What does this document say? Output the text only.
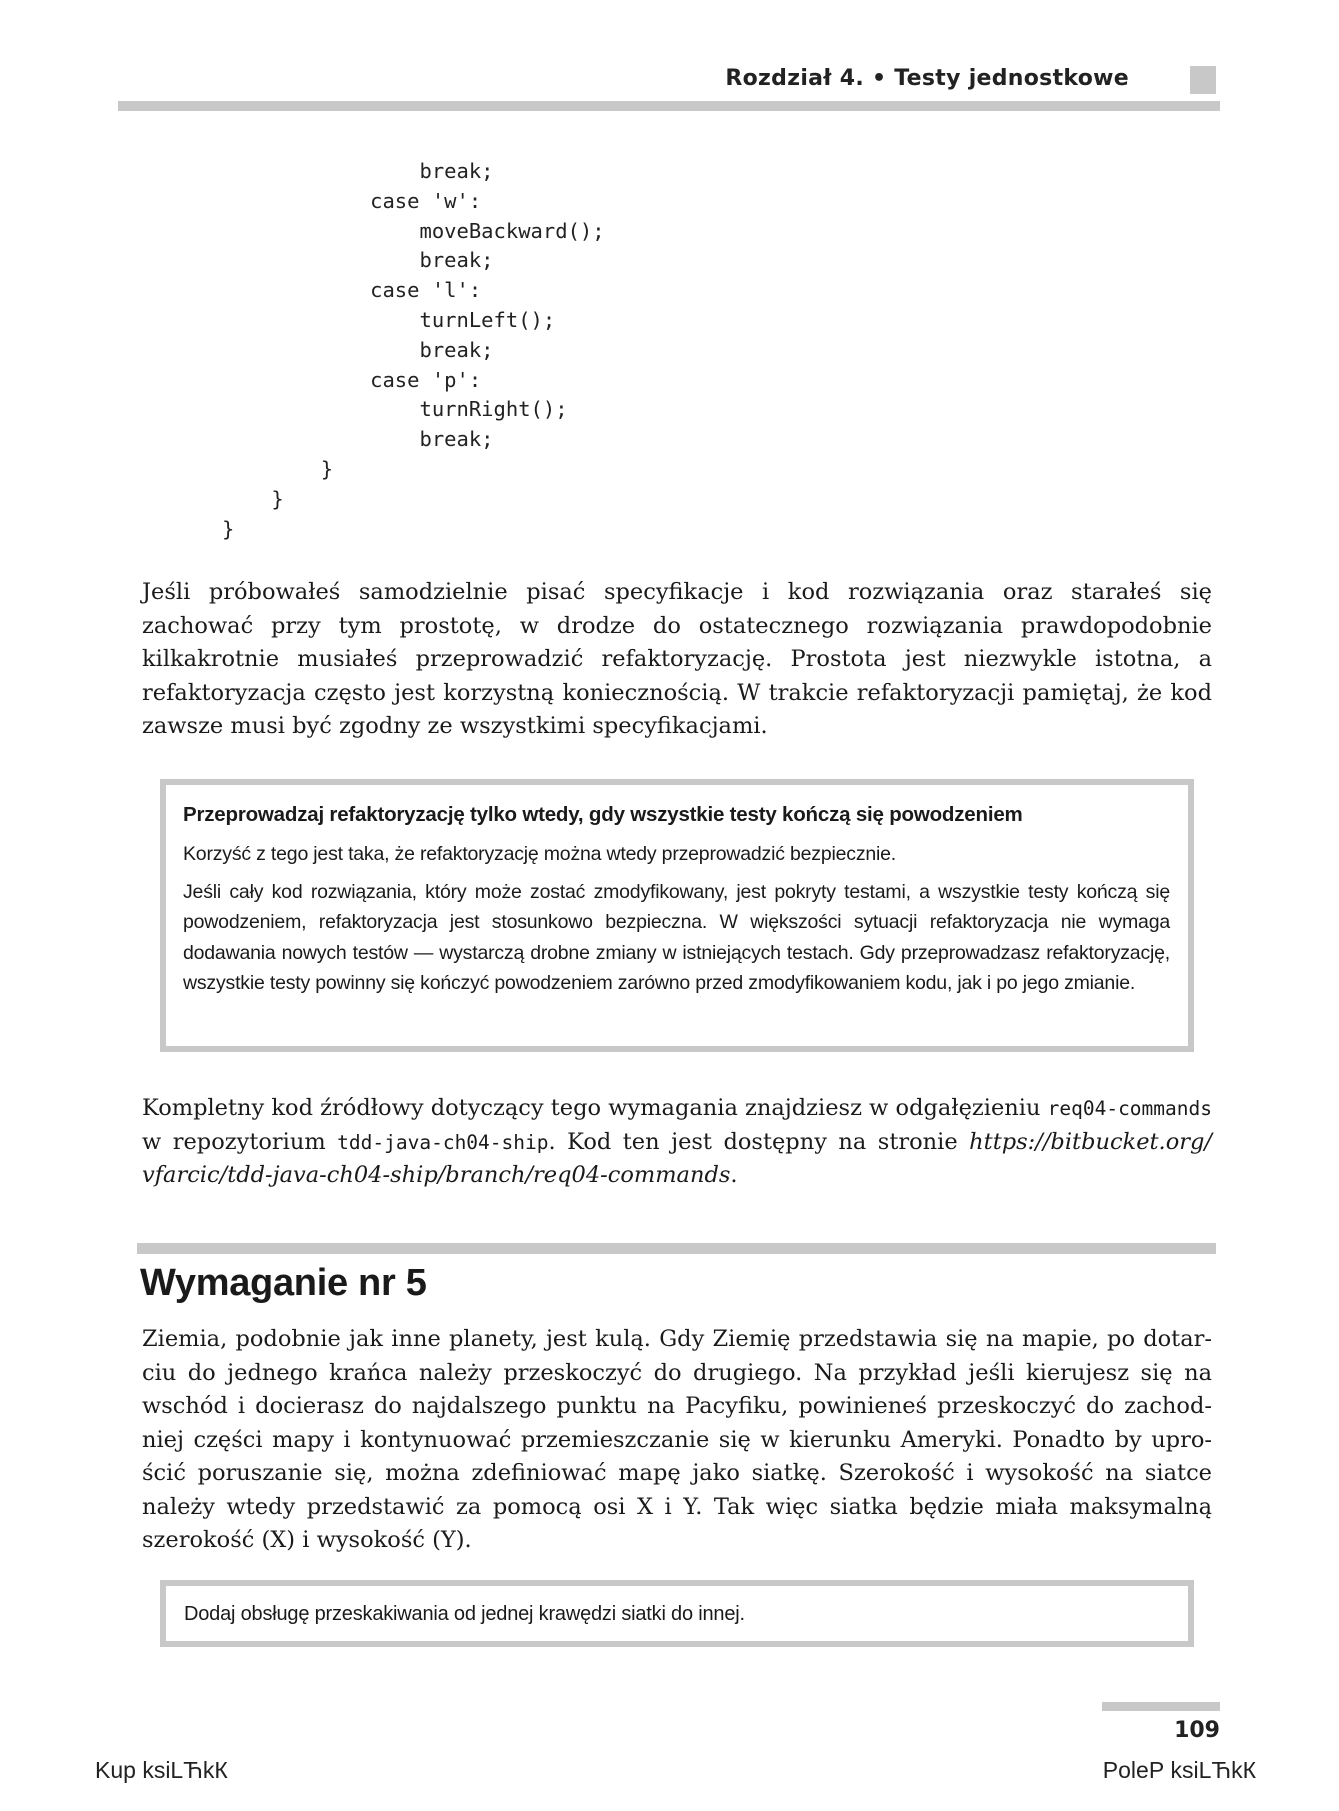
Rozdział 4. • Testy jednostkowe
break;
case 'w':
moveBackward();
break;
case 'l':
turnLeft();
break;
case 'p':
turnRight();
break;
}
}
}

Jeśli próbowałeś samodzielnie pisać specyfikacje i kod rozwiązania oraz starałeś się zachować przy tym prostotę, w drodze do ostatecznego rozwiązania prawdopodobnie kilkakrotnie musiałeś przeprowadzić refaktoryzację. Prostota jest niezwykle istotna, a refaktoryzacja często jest korzystną koniecznością. W trakcie refaktoryzacji pamiętaj, że kod zawsze musi być zgodny ze wszystkimi specyfikacjami.

Przeprowadzaj refaktoryzację tylko wtedy, gdy wszystkie testy kończą się powodzeniem

Korzyść z tego jest taka, że refaktoryzację można wtedy przeprowadzić bezpiecznie.

Jeśli cały kod rozwiązania, który może zostać zmodyfikowany, jest pokryty testami, a wszystkie testy kończą się powodzeniem, refaktoryzacja jest stosunkowo bezpieczna. W większości sytuacji refaktoryzacja nie wymaga dodawania nowych testów — wystarczą drobne zmiany w istniejących testach. Gdy przeprowadzasz refaktoryzację, wszystkie testy powinny się kończyć powodzeniem zarówno przed zmodyfikowaniem kodu, jak i po jego zmianie.

Kompletny kod źródłowy dotyczący tego wymagania znajdziesz w odgałęzieniu req04-commands w repozytorium tdd-java-ch04-ship. Kod ten jest dostępny na stronie https://bitbucket.org/​vfarcic/tdd-java-ch04-ship/branch/req04-commands.

Wymaganie nr 5

Ziemia, podobnie jak inne planety, jest kulą. Gdy Ziemię przedstawia się na mapie, po dotarciu do jednego krańca należy przeskoczyć do drugiego. Na przykład jeśli kierujesz się na wschód i docierasz do najdalszego punktu na Pacyfiku, powinieneś przeskoczyć do zachodniej części mapy i kontynuować przemieszczanie się w kierunku Ameryki. Ponadto by uprościć poruszanie się, można zdefiniować mapę jako siatkę. Szerokość i wysokość na siatce należy wtedy przedstawić za pomocą osi X i Y. Tak więc siatka będzie miała maksymalną szerokość (X) i wysokość (Y).

Dodaj obsługę przeskakiwania od jednej krawędzi siatki do innej.
109
Kup ksiLЋkК	PoleР ksiLЋkК
